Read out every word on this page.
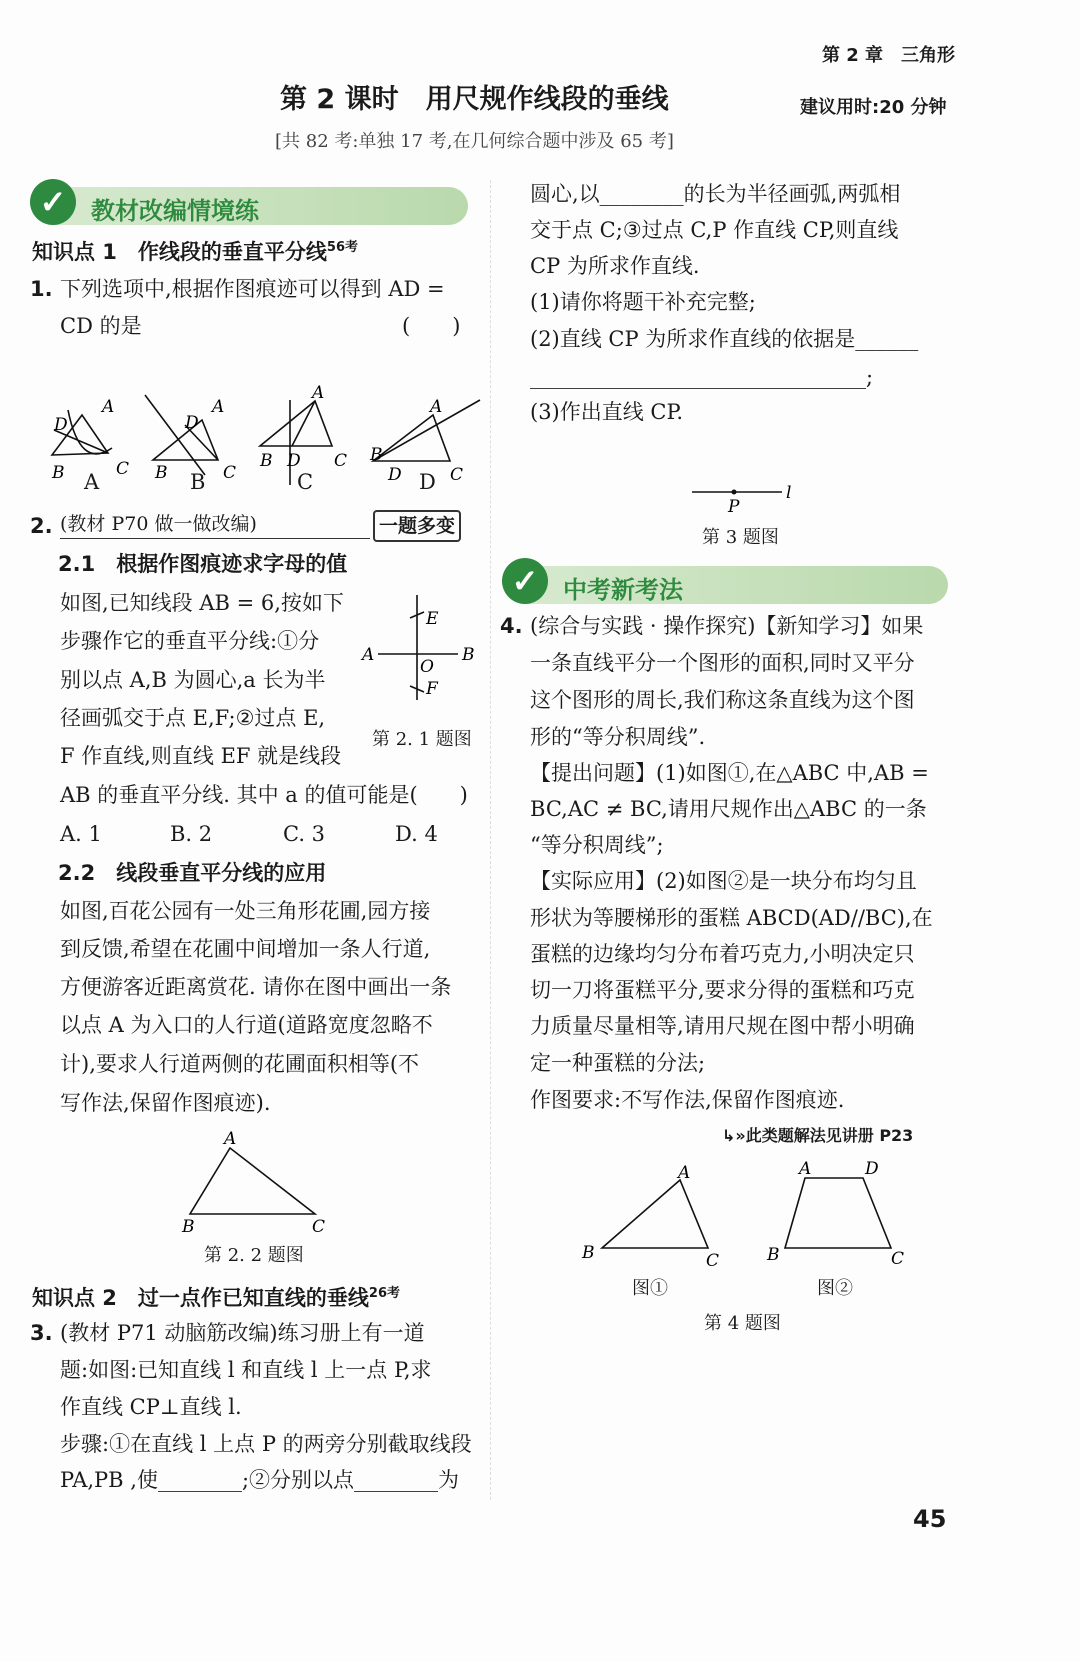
第 2 章　三角形
第 2 课时　用尺规作线段的垂线	建议用时:20 分钟
[共 82 考:单独 17 考,在几何综合题中涉及 65 考]
✓	教材改编情境练
知识点 1　作线段的垂直平分线$^{56考}$
1. 下列选项中,根据作图痕迹可以得到 AD =
CD 的是	(　　)
A
D
B	C
A
D
B	C
A
B D C
A
B
D	C
A	B	C	D
2. (教材 P70 做一做改编)	一题多变
2.1　根据作图痕迹求字母的值
如图,已知线段 AB = 6,按如下
步骤作它的垂直平分线:①分
别以点 A,B 为圆心,a 长为半
径画弧交于点 E,F;②过点 E,
F 作直线,则直线 EF 就是线段
AB 的垂直平分线. 其中 a 的值可能是(　　)
E
A	B
O
F
第 2. 1 题图
A. 1	B. 2	C. 3	D. 4
2.2　线段垂直平分线的应用
如图,百花公园有一处三角形花圃,园方接
到反馈,希望在花圃中间增加一条人行道,
方便游客近距离赏花. 请你在图中画出一条
以点 A 为入口的人行道(道路宽度忽略不
计),要求人行道两侧的花圃面积相等(不
写作法,保留作图痕迹).
A
B	C
第 2. 2 题图
知识点 2　过一点作已知直线的垂线$^{26考}$
3. (教材 P71 动脑筋改编)练习册上有一道
题:如图:已知直线 l 和直线 l 上一点 P,求
作直线 CP⊥直线 l.
步骤:①在直线 l 上点 P 的两旁分别截取线段
PA,PB ,使________;②分别以点________为
圆心,以________的长为半径画弧,两弧相
交于点 C;③过点 C,P 作直线 CP,则直线
CP 为所求作直线.
(1)请你将题干补充完整;
(2)直线 CP 为所求作直线的依据是______
________________________________;
(3)作出直线 CP.
l
P
第 3 题图
✓	中考新考法
4. (综合与实践 · 操作探究)【新知学习】如果
一条直线平分一个图形的面积,同时又平分
这个图形的周长,我们称这条直线为这个图
形的“等分积周线”.
【提出问题】(1)如图①,在△ABC 中,AB =
BC,AC ≠ BC,请用尺规作出△ABC 的一条
“等分积周线”;
【实际应用】(2)如图②是一块分布均匀且
形状为等腰梯形的蛋糕 ABCD(AD//BC),在
蛋糕的边缘均匀分布着巧克力,小明决定只
切一刀将蛋糕平分,要求分得的蛋糕和巧克
力质量尽量相等,请用尺规在图中帮小明确
定一种蛋糕的分法;
作图要求:不写作法,保留作图痕迹.
↳»此类题解法见讲册 P23
A
B	C
A	D
B	C
图①	图②
第 4 题图
45
